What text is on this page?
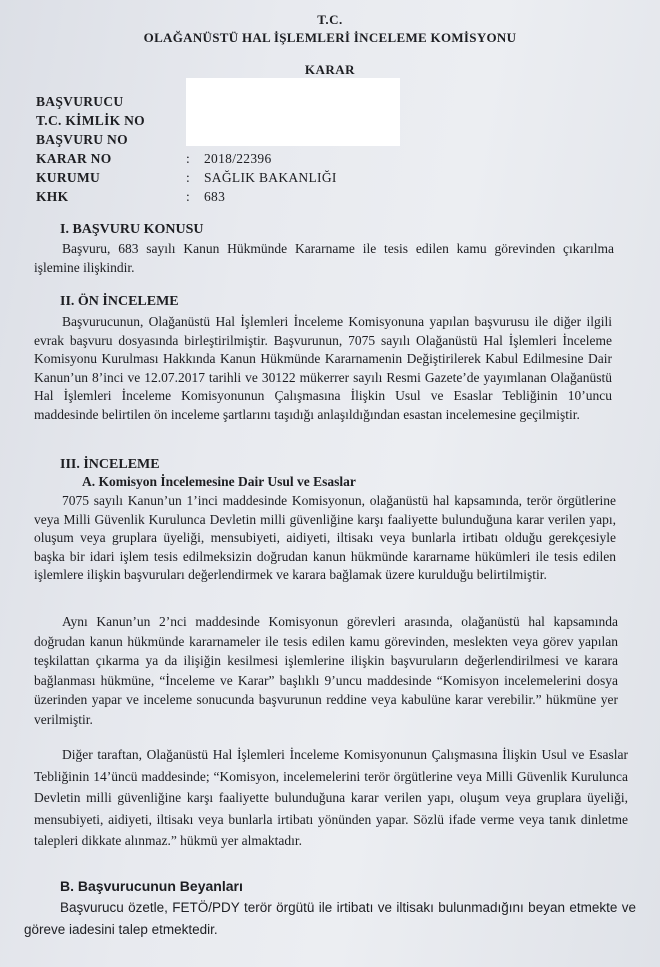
T.C.
OLAĞANÜSTÜ HAL İŞLEMLERİ İNCELEME KOMİSYONU
KARAR
BAŞVURUCU
T.C. KİMLİK NO
BAŞVURU NO
KARAR NO	:	2018/22396
KURUMU	:	SAĞLIK BAKANLIĞI
KHK	:	683
I. BAŞVURU KONUSU
Başvuru, 683 sayılı Kanun Hükmünde Kararname ile tesis edilen kamu görevinden çıkarılma işlemine ilişkindir.
II. ÖN İNCELEME
Başvurucunun, Olağanüstü Hal İşlemleri İnceleme Komisyonuna yapılan başvurusu ile diğer ilgili evrak başvuru dosyasında birleştirilmiştir. Başvurunun, 7075 sayılı Olağanüstü Hal İşlemleri İnceleme Komisyonu Kurulması Hakkında Kanun Hükmünde Kararnamenin Değiştirilerek Kabul Edilmesine Dair Kanun’un 8’inci ve 12.07.2017 tarihli ve 30122 mükerrer sayılı Resmi Gazete’de yayımlanan Olağanüstü Hal İşlemleri İnceleme Komisyonunun Çalışmasına İlişkin Usul ve Esaslar Tebliğinin 10’uncu maddesinde belirtilen ön inceleme şartlarını taşıdığı anlaşıldığından esastan incelemesine geçilmiştir.
III. İNCELEME
A. Komisyon İncelemesine Dair Usul ve Esaslar
7075 sayılı Kanun’un 1’inci maddesinde Komisyonun, olağanüstü hal kapsamında, terör örgütlerine veya Milli Güvenlik Kurulunca Devletin milli güvenliğine karşı faaliyette bulunduğuna karar verilen yapı, oluşum veya gruplara üyeliği, mensubiyeti, aidiyeti, iltisakı veya bunlarla irtibatı olduğu gerekçesiyle başka bir idari işlem tesis edilmeksizin doğrudan kanun hükmünde kararname hükümleri ile tesis edilen işlemlere ilişkin başvuruları değerlendirmek ve karara bağlamak üzere kurulduğu belirtilmiştir.
Aynı Kanun’un 2’nci maddesinde Komisyonun görevleri arasında, olağanüstü hal kapsamında doğrudan kanun hükmünde kararnameler ile tesis edilen kamu görevinden, meslekten veya görev yapılan teşkilattan çıkarma ya da ilişiğin kesilmesi işlemlerine ilişkin başvuruların değerlendirilmesi ve karara bağlanması hükmüne, “İnceleme ve Karar” başlıklı 9’uncu maddesinde “Komisyon incelemelerini dosya üzerinden yapar ve inceleme sonucunda başvurunun reddine veya kabulüne karar verebilir.” hükmüne yer verilmiştir.
Diğer taraftan, Olağanüstü Hal İşlemleri İnceleme Komisyonunun Çalışmasına İlişkin Usul ve Esaslar Tebliğinin 14’üncü maddesinde; “Komisyon, incelemelerini terör örgütlerine veya Milli Güvenlik Kurulunca Devletin milli güvenliğine karşı faaliyette bulunduğuna karar verilen yapı, oluşum veya gruplara üyeliği, mensubiyeti, aidiyeti, iltisakı veya bunlarla irtibatı yönünden yapar. Sözlü ifade verme veya tanık dinletme talepleri dikkate alınmaz.” hükmü yer almaktadır.
B. Başvurucunun Beyanları
Başvurucu özetle, FETÖ/PDY terör örgütü ile irtibatı ve iltisakı bulunmadığını beyan etmekte ve göreve iadesini talep etmektedir.
